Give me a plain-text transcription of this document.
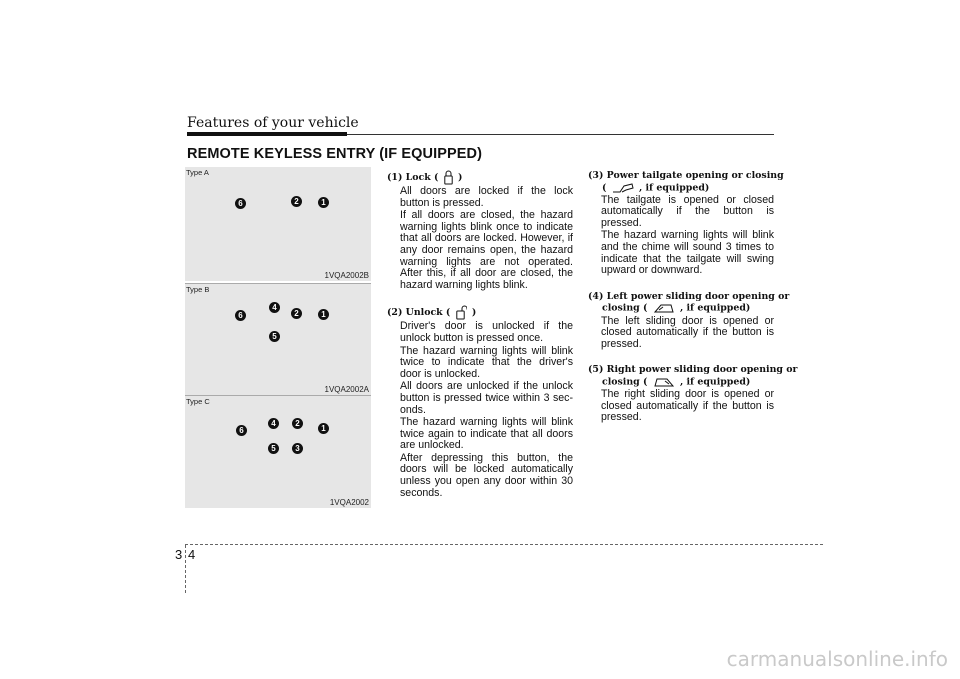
Features of your vehicle
REMOTE KEYLESS ENTRY (IF EQUIPPED)
Type A
6	2	1
1VQA2002B
Type B
4
6	2	1
5
1VQA2002A
Type C
4	2
6	1
5	3
1VQA2002
(1) Lock ( )
All doors are locked if the lock button is pressed.
If all doors are closed, the hazard warning lights blink once to indicate that all doors are locked. However, if any door remains open, the hazard warning lights are not operated. After this, if all door are closed, the hazard warning lights blink.
(2) Unlock ( )
Driver's door is unlocked if the unlock button is pressed once.
The hazard warning lights will blink twice to indicate that the driver's door is unlocked.
All doors are unlocked if the unlock button is pressed twice within 3 sec-onds.
The hazard warning lights will blink twice again to indicate that all doors are unlocked.
After depressing this button, the doors will be locked automatically unless you open any door within 30 seconds.
(3) Power tailgate opening or closing
(	, if equipped)
The tailgate is opened or closed automatically if the button is pressed.
The hazard warning lights will blink and the chime will sound 3 times to indicate that the tailgate will swing upward or downward.
(4) Left power sliding door opening or
closing (	, if equipped)
The left sliding door is opened or closed automatically if the button is pressed.
(5) Right power sliding door opening or
closing (	, if equipped)
The right sliding door is opened or closed automatically if the button is pressed.
3 4
carmanualsonline.info
